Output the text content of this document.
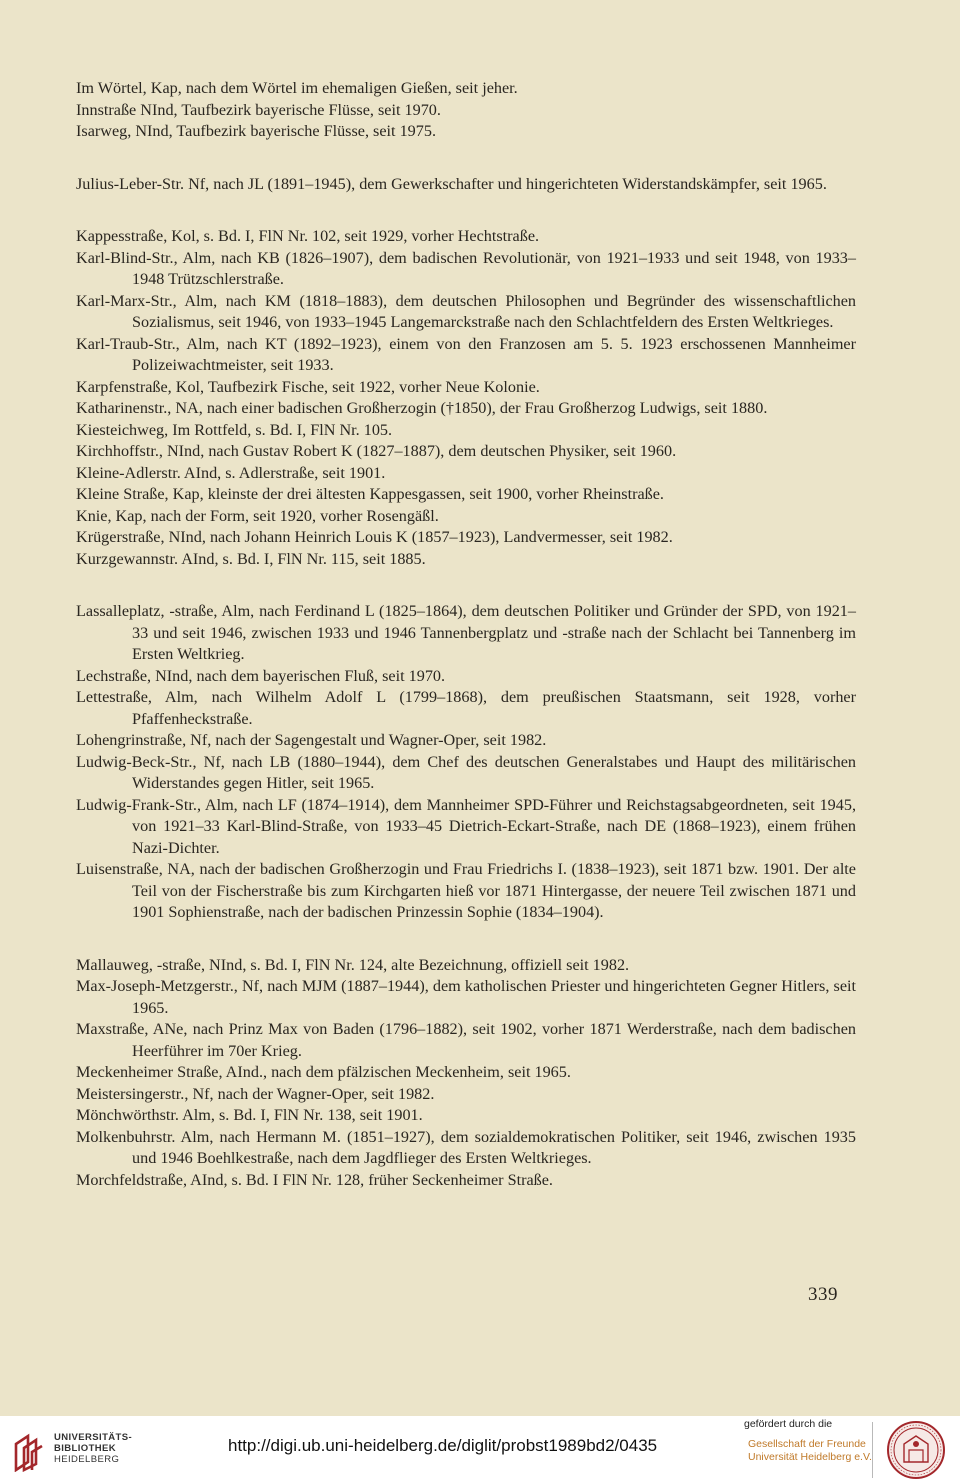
Im Wörtel, Kap, nach dem Wörtel im ehemaligen Gießen, seit jeher.

Innstraße NInd, Taufbezirk bayerische Flüsse, seit 1970.

Isarweg, NInd, Taufbezirk bayerische Flüsse, seit 1975.

Julius-Leber-Str. Nf, nach JL (1891–1945), dem Gewerkschafter und hingerichteten Widerstandskämpfer, seit 1965.

Kappesstraße, Kol, s. Bd. I, FlN Nr. 102, seit 1929, vorher Hechtstraße.

Karl-Blind-Str., Alm, nach KB (1826–1907), dem badischen Revolutionär, von 1921–1933 und seit 1948, von 1933–1948 Trützschlerstraße.

Karl-Marx-Str., Alm, nach KM (1818–1883), dem deutschen Philosophen und Begründer des wissenschaftlichen Sozialismus, seit 1946, von 1933–1945 Langemarckstraße nach den Schlachtfeldern des Ersten Weltkrieges.

Karl-Traub-Str., Alm, nach KT (1892–1923), einem von den Franzosen am 5. 5. 1923 erschossenen Mannheimer Polizeiwachtmeister, seit 1933.

Karpfenstraße, Kol, Taufbezirk Fische, seit 1922, vorher Neue Kolonie.

Katharinenstr., NA, nach einer badischen Großherzogin (†1850), der Frau Großherzog Ludwigs, seit 1880.

Kiesteichweg, Im Rottfeld, s. Bd. I, FlN Nr. 105.

Kirchhoffstr., NInd, nach Gustav Robert K (1827–1887), dem deutschen Physiker, seit 1960.

Kleine-Adlerstr. AInd, s. Adlerstraße, seit 1901.

Kleine Straße, Kap, kleinste der drei ältesten Kappesgassen, seit 1900, vorher Rheinstraße.

Knie, Kap, nach der Form, seit 1920, vorher Rosengäßl.

Krügerstraße, NInd, nach Johann Heinrich Louis K (1857–1923), Landvermesser, seit 1982.

Kurzgewannstr. AInd, s. Bd. I, FlN Nr. 115, seit 1885.

Lassalleplatz, -straße, Alm, nach Ferdinand L (1825–1864), dem deutschen Politiker und Gründer der SPD, von 1921–33 und seit 1946, zwischen 1933 und 1946 Tannenbergplatz und -straße nach der Schlacht bei Tannenberg im Ersten Weltkrieg.

Lechstraße, NInd, nach dem bayerischen Fluß, seit 1970.

Lettestraße, Alm, nach Wilhelm Adolf L (1799–1868), dem preußischen Staatsmann, seit 1928, vorher Pfaffenheckstraße.

Lohengrinstraße, Nf, nach der Sagengestalt und Wagner-Oper, seit 1982.

Ludwig-Beck-Str., Nf, nach LB (1880–1944), dem Chef des deutschen Generalstabes und Haupt des militärischen Widerstandes gegen Hitler, seit 1965.

Ludwig-Frank-Str., Alm, nach LF (1874–1914), dem Mannheimer SPD-Führer und Reichstagsabgeordneten, seit 1945, von 1921–33 Karl-Blind-Straße, von 1933–45 Dietrich-Eckart-Straße, nach DE (1868–1923), einem frühen Nazi-Dichter.

Luisenstraße, NA, nach der badischen Großherzogin und Frau Friedrichs I. (1838–1923), seit 1871 bzw. 1901. Der alte Teil von der Fischerstraße bis zum Kirchgarten hieß vor 1871 Hintergasse, der neuere Teil zwischen 1871 und 1901 Sophienstraße, nach der badischen Prinzessin Sophie (1834–1904).

Mallauweg, -straße, NInd, s. Bd. I, FlN Nr. 124, alte Bezeichnung, offiziell seit 1982.

Max-Joseph-Metzgerstr., Nf, nach MJM (1887–1944), dem katholischen Priester und hingerichteten Gegner Hitlers, seit 1965.

Maxstraße, ANe, nach Prinz Max von Baden (1796–1882), seit 1902, vorher 1871 Werderstraße, nach dem badischen Heerführer im 70er Krieg.

Meckenheimer Straße, AInd., nach dem pfälzischen Meckenheim, seit 1965.

Meistersingerstr., Nf, nach der Wagner-Oper, seit 1982.

Mönchwörthstr. Alm, s. Bd. I, FlN Nr. 138, seit 1901.

Molkenbuhrstr. Alm, nach Hermann M. (1851–1927), dem sozialdemokratischen Politiker, seit 1946, zwischen 1935 und 1946 Boehlkestraße, nach dem Jagdflieger des Ersten Weltkrieges.

Morchfeldstraße, AInd, s. Bd. I FlN Nr. 128, früher Seckenheimer Straße.

339
UNIVERSITÄTS-
BIBLIOTHEK
HEIDELBERG
http://digi.ub.uni-heidelberg.de/diglit/probst1989bd2/0435
gefördert durch die
Gesellschaft der Freunde
Universität Heidelberg e.V.
